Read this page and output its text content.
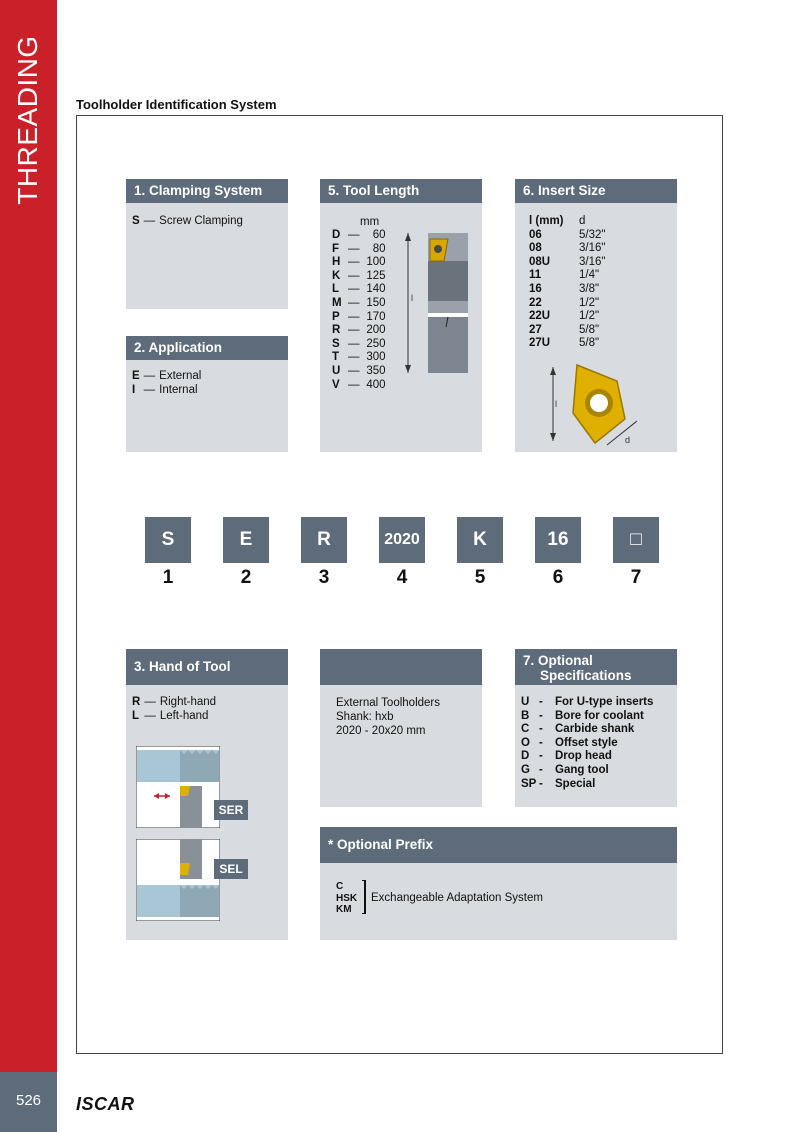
THREADING
526	ISCAR
Toolholder Identification System
1. Clamping System
S	—	Screw Clamping
2. Application
E	—	External
I	—	Internal
5. Tool Length
mm
D	—	60
F	—	80
H	—	100
K	—	125
L	—	140
M	—	150
P	—	170
R	—	200
S	—	250
T	—	300
U	—	350
V	—	400
l
6. Insert Size
l (mm)	d
06	5/32"
08	3/16"
08U	3/16"
11	1/4"
16	3/8"
22	1/2"
22U	1/2"
27	5/8"
27U	5/8"
l
d
S
1
E
2
R
3
2020
4
K
5
16
6
□
7
3. Hand of Tool
R	—	Right-hand
L	—	Left-hand
SER
SEL
External Toolholders
Shank: hxb
2020 - 20x20 mm
7. Optional
Specifications
U	-	For U-type inserts
B	-	Bore for coolant
C	-	Carbide shank
O	-	Offset style
D	-	Drop head
G	-	Gang tool
SP	-	Special
* Optional Prefix
C
HSK
KM
Exchangeable Adaptation System
